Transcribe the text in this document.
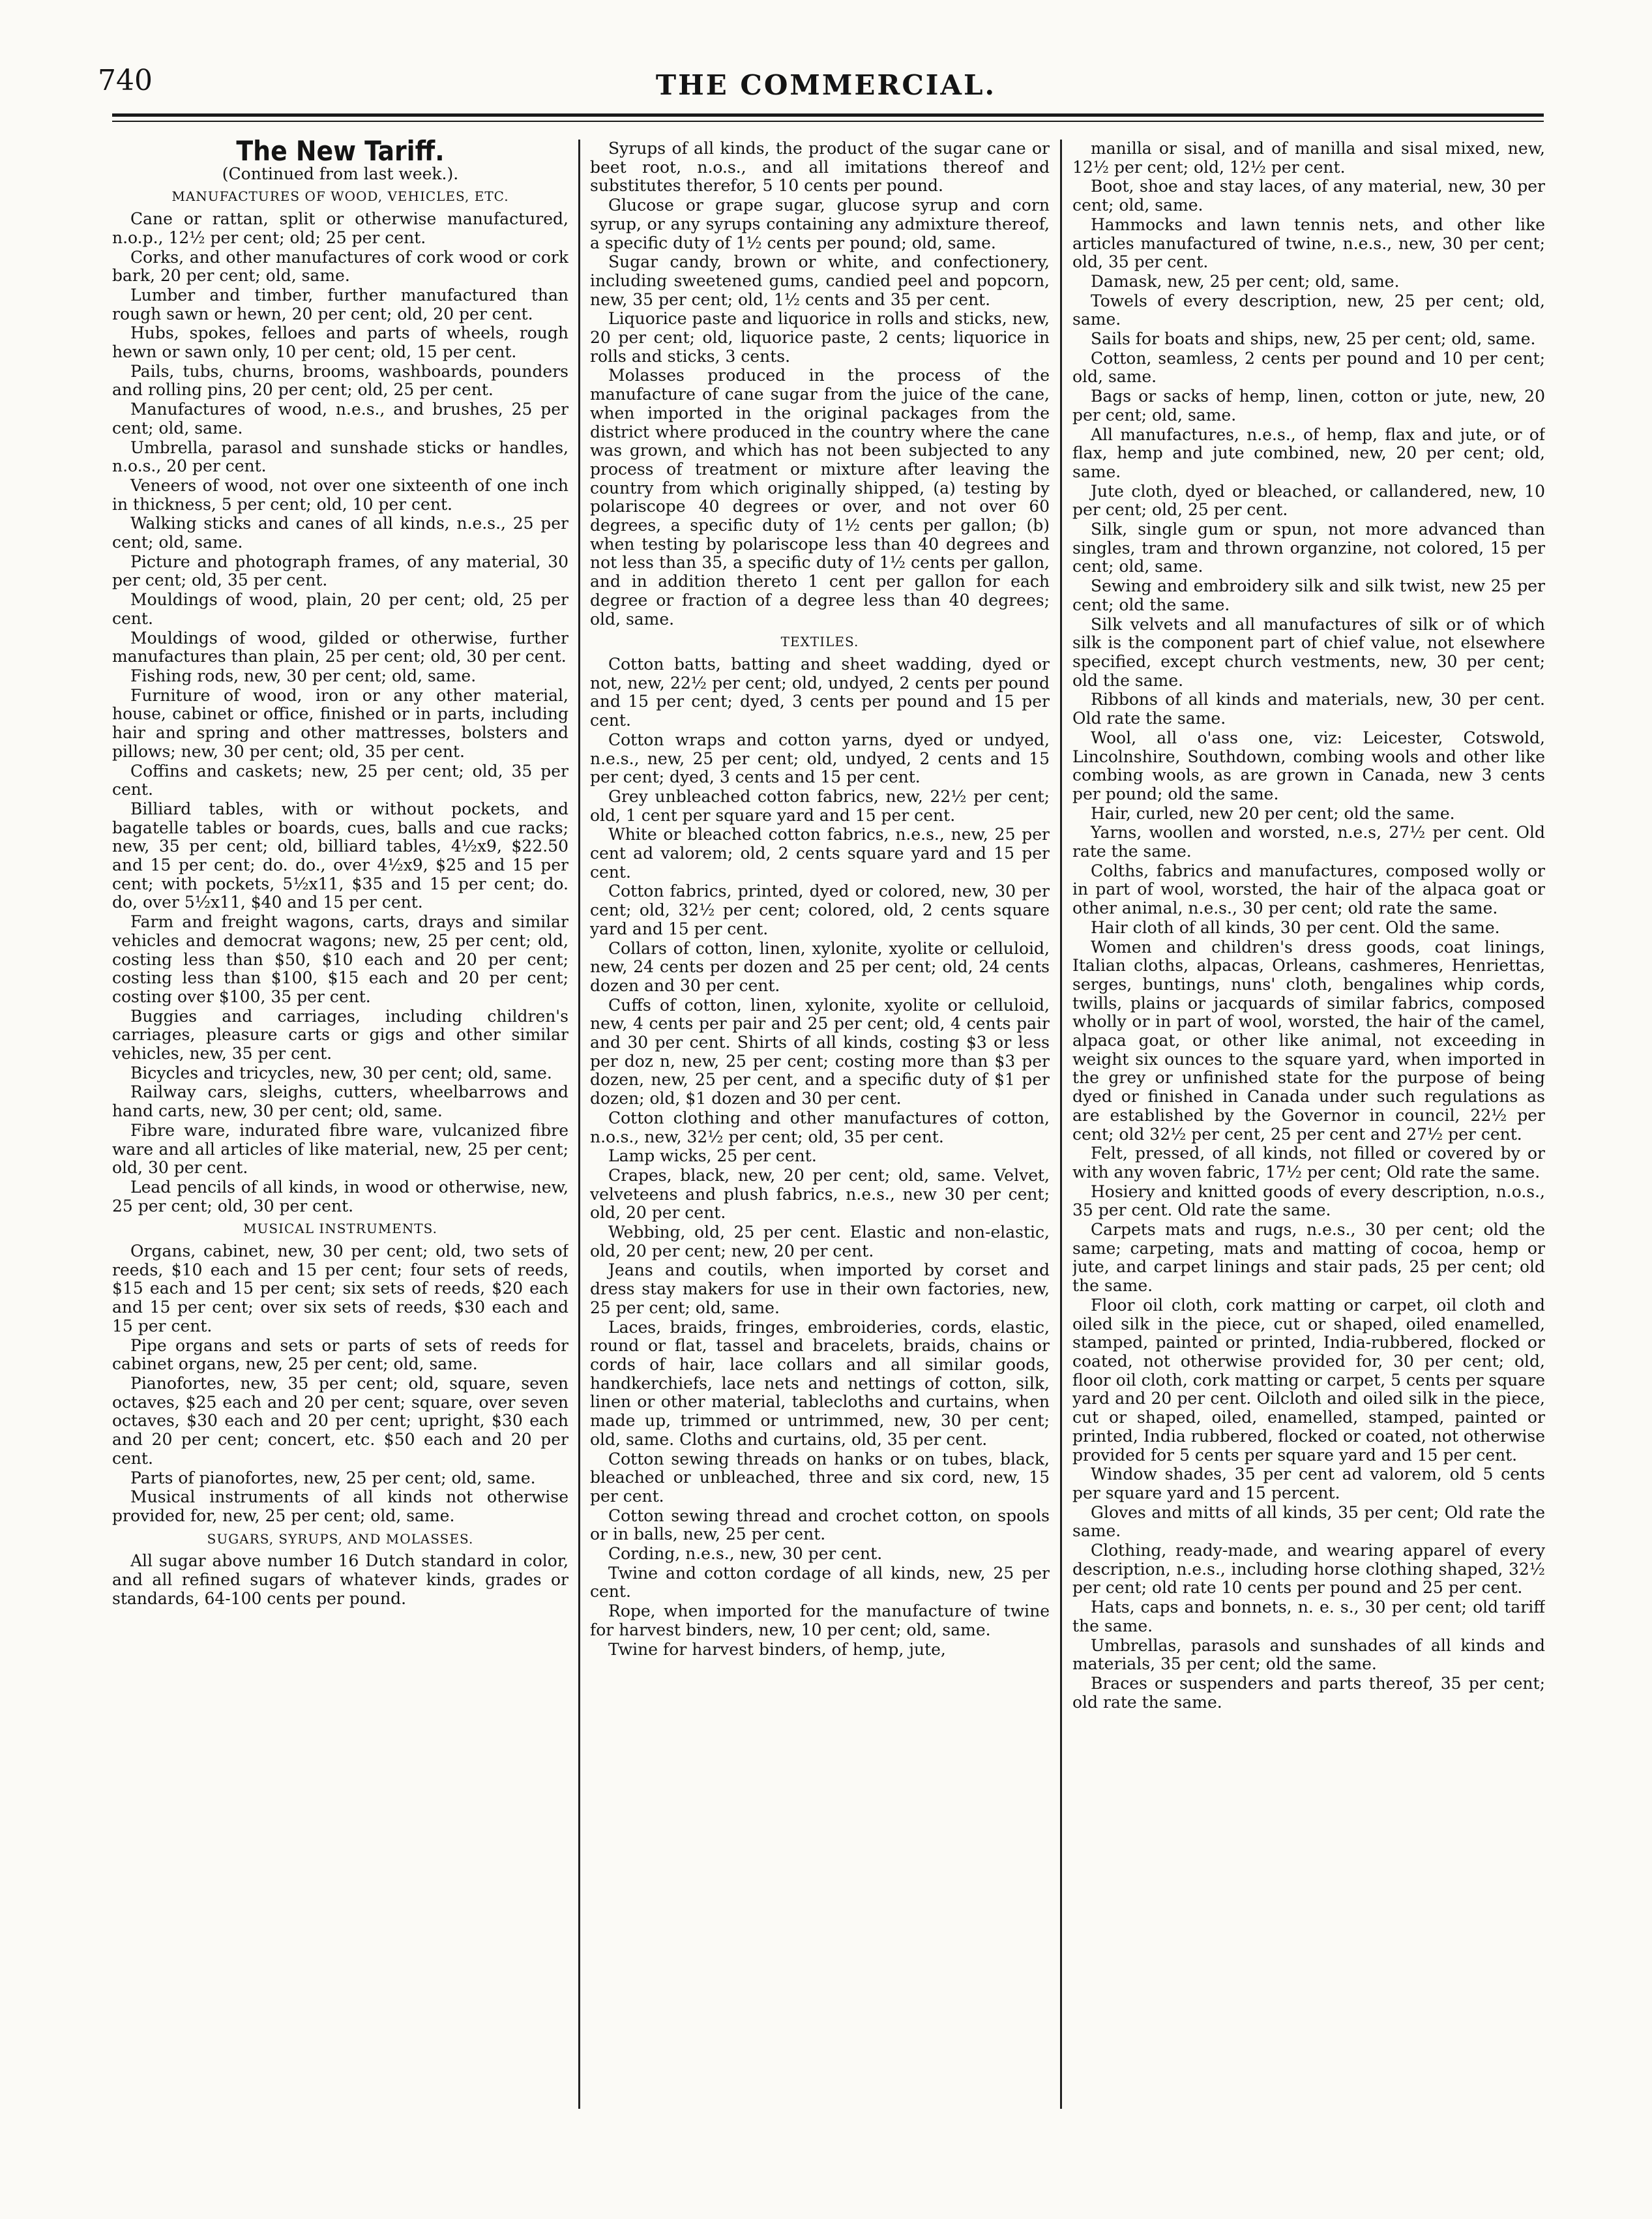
740	THE COMMERCIAL.
The New Tariff.
(Continued from last week.).
MANUFACTURES OF WOOD, VEHICLES, ETC.
Cane or rattan, split or otherwise manufactured, n.o.p., 12½ per cent; old; 25 per cent.
Corks, and other manufactures of cork wood or cork bark, 20 per cent; old, same.
Lumber and timber, further manufactured than rough sawn or hewn, 20 per cent; old, 20 per cent.
Hubs, spokes, felloes and parts of wheels, rough hewn or sawn only, 10 per cent; old, 15 per cent.
Pails, tubs, churns, brooms, washboards, pounders and rolling pins, 20 per cent; old, 25 per cent.
Manufactures of wood, n.e.s., and brushes, 25 per cent; old, same.
Umbrella, parasol and sunshade sticks or handles, n.o.s., 20 per cent.
Veneers of wood, not over one sixteenth of one inch in thickness, 5 per cent; old, 10 per cent.
Walking sticks and canes of all kinds, n.e.s., 25 per cent; old, same.
Picture and photograph frames, of any material, 30 per cent; old, 35 per cent.
Mouldings of wood, plain, 20 per cent; old, 25 per cent.
Mouldings of wood, gilded or otherwise, further manufactures than plain, 25 per cent; old, 30 per cent.
Fishing rods, new, 30 per cent; old, same.
Furniture of wood, iron or any other material, house, cabinet or office, finished or in parts, including hair and spring and other mattresses, bolsters and pillows; new, 30 per cent; old, 35 per cent.
Coffins and caskets; new, 25 per cent; old, 35 per cent.
Billiard tables, with or without pockets, and bagatelle tables or boards, cues, balls and cue racks; new, 35 per cent; old, billiard tables, 4½x9, $22.50 and 15 per cent; do. do., over 4½x9, $25 and 15 per cent; with pockets, 5½x11, $35 and 15 per cent; do. do, over 5½x11, $40 and 15 per cent.
Farm and freight wagons, carts, drays and similar vehicles and democrat wagons; new, 25 per cent; old, costing less than $50, $10 each and 20 per cent; costing less than $100, $15 each and 20 per cent; costing over $100, 35 per cent.
Buggies and carriages, including children's carriages, pleasure carts or gigs and other similar vehicles, new, 35 per cent.
Bicycles and tricycles, new, 30 per cent; old, same.
Railway cars, sleighs, cutters, wheelbarrows and hand carts, new, 30 per cent; old, same.
Fibre ware, indurated fibre ware, vulcanized fibre ware and all articles of like material, new, 25 per cent; old, 30 per cent.
Lead pencils of all kinds, in wood or otherwise, new, 25 per cent; old, 30 per cent.
MUSICAL INSTRUMENTS.
Organs, cabinet, new, 30 per cent; old, two sets of reeds, $10 each and 15 per cent; four sets of reeds, $15 each and 15 per cent; six sets of reeds, $20 each and 15 per cent; over six sets of reeds, $30 each and 15 per cent.
Pipe organs and sets or parts of sets of reeds for cabinet organs, new, 25 per cent; old, same.
Pianofortes, new, 35 per cent; old, square, seven octaves, $25 each and 20 per cent; square, over seven octaves, $30 each and 20 per cent; upright, $30 each and 20 per cent; concert, etc. $50 each and 20 per cent.
Parts of pianofortes, new, 25 per cent; old, same.
Musical instruments of all kinds not otherwise provided for, new, 25 per cent; old, same.
SUGARS, SYRUPS, AND MOLASSES.
All sugar above number 16 Dutch standard in color, and all refined sugars of whatever kinds, grades or standards, 64-100 cents per pound.
Syrups of all kinds, the product of the sugar cane or beet root, n.o.s., and all imitations thereof and substitutes therefor, 5 10 cents per pound.
Glucose or grape sugar, glucose syrup and corn syrup, or any syrups containing any admixture thereof, a specific duty of 1½ cents per pound; old, same.
Sugar candy, brown or white, and confectionery, including sweetened gums, candied peel and popcorn, new, 35 per cent; old, 1½ cents and 35 per cent.
Liquorice paste and liquorice in rolls and sticks, new, 20 per cent; old, liquorice paste, 2 cents; liquorice in rolls and sticks, 3 cents.
Molasses produced in the process of the manufacture of cane sugar from the juice of the cane, when imported in the original packages from the district where produced in the country where the cane was grown, and which has not been subjected to any process of treatment or mixture after leaving the country from which originally shipped, (a) testing by polariscope 40 degrees or over, and not over 60 degrees, a specific duty of 1½ cents per gallon; (b) when testing by polariscope less than 40 degrees and not less than 35, a specific duty of 1½ cents per gallon, and in addition thereto 1 cent per gallon for each degree or fraction of a degree less than 40 degrees; old, same.
TEXTILES.
Cotton batts, batting and sheet wadding, dyed or not, new, 22½ per cent; old, undyed, 2 cents per pound and 15 per cent; dyed, 3 cents per pound and 15 per cent.
Cotton wraps and cotton yarns, dyed or undyed, n.e.s., new, 25 per cent; old, undyed, 2 cents and 15 per cent; dyed, 3 cents and 15 per cent.
Grey unbleached cotton fabrics, new, 22½ per cent; old, 1 cent per square yard and 15 per cent.
White or bleached cotton fabrics, n.e.s., new, 25 per cent ad valorem; old, 2 cents square yard and 15 per cent.
Cotton fabrics, printed, dyed or colored, new, 30 per cent; old, 32½ per cent; colored, old, 2 cents square yard and 15 per cent.
Collars of cotton, linen, xylonite, xyolite or celluloid, new, 24 cents per dozen and 25 per cent; old, 24 cents dozen and 30 per cent.
Cuffs of cotton, linen, xylonite, xyolite or celluloid, new, 4 cents per pair and 25 per cent; old, 4 cents pair and 30 per cent. Shirts of all kinds, costing $3 or less per doz n, new, 25 per cent; costing more than $3 per dozen, new, 25 per cent, and a specific duty of $1 per dozen; old, $1 dozen and 30 per cent.
Cotton clothing and other manufactures of cotton, n.o.s., new, 32½ per cent; old, 35 per cent.
Lamp wicks, 25 per cent.
Crapes, black, new, 20 per cent; old, same. Velvet, velveteens and plush fabrics, n.e.s., new 30 per cent; old, 20 per cent.
Webbing, old, 25 per cent. Elastic and non-elastic, old, 20 per cent; new, 20 per cent.
Jeans and coutils, when imported by corset and dress stay makers for use in their own factories, new, 25 per cent; old, same.
Laces, braids, fringes, embroideries, cords, elastic, round or flat, tassel and bracelets, braids, chains or cords of hair, lace collars and all similar goods, handkerchiefs, lace nets and nettings of cotton, silk, linen or other material, tablecloths and curtains, when made up, trimmed or untrimmed, new, 30 per cent; old, same. Cloths and curtains, old, 35 per cent.
Cotton sewing threads on hanks or on tubes, black, bleached or unbleached, three and six cord, new, 15 per cent.
Cotton sewing thread and crochet cotton, on spools or in balls, new, 25 per cent.
Cording, n.e.s., new, 30 per cent.
Twine and cotton cordage of all kinds, new, 25 per cent.
Rope, when imported for the manufacture of twine for harvest binders, new, 10 per cent; old, same.
Twine for harvest binders, of hemp, jute,
manilla or sisal, and of manilla and sisal mixed, new, 12½ per cent; old, 12½ per cent.
Boot, shoe and stay laces, of any material, new, 30 per cent; old, same.
Hammocks and lawn tennis nets, and other like articles manufactured of twine, n.e.s., new, 30 per cent; old, 35 per cent.
Damask, new, 25 per cent; old, same.
Towels of every description, new, 25 per cent; old, same.
Sails for boats and ships, new, 25 per cent; old, same.
Cotton, seamless, 2 cents per pound and 10 per cent; old, same.
Bags or sacks of hemp, linen, cotton or jute, new, 20 per cent; old, same.
All manufactures, n.e.s., of hemp, flax and jute, or of flax, hemp and jute combined, new, 20 per cent; old, same.
Jute cloth, dyed or bleached, or callandered, new, 10 per cent; old, 25 per cent.
Silk, single gum or spun, not more advanced than singles, tram and thrown organzine, not colored, 15 per cent; old, same.
Sewing and embroidery silk and silk twist, new 25 per cent; old the same.
Silk velvets and all manufactures of silk or of which silk is the component part of chief value, not elsewhere specified, except church vestments, new, 30 per cent; old the same.
Ribbons of all kinds and materials, new, 30 per cent. Old rate the same.
Wool, all o'ass one, viz: Leicester, Cotswold, Lincolnshire, Southdown, combing wools and other like combing wools, as are grown in Canada, new 3 cents per pound; old the same.
Hair, curled, new 20 per cent; old the same.
Yarns, woollen and worsted, n.e.s, 27½ per cent. Old rate the same.
Colths, fabrics and manufactures, composed wolly or in part of wool, worsted, the hair of the alpaca goat or other animal, n.e.s., 30 per cent; old rate the same.
Hair cloth of all kinds, 30 per cent. Old the same.
Women and children's dress goods, coat linings, Italian cloths, alpacas, Orleans, cashmeres, Henriettas, serges, buntings, nuns' cloth, bengalines whip cords, twills, plains or jacquards of similar fabrics, composed wholly or in part of wool, worsted, the hair of the camel, alpaca goat, or other like animal, not exceeding in weight six ounces to the square yard, when imported in the grey or unfinished state for the purpose of being dyed or finished in Canada under such regulations as are established by the Governor in council, 22½ per cent; old 32½ per cent, 25 per cent and 27½ per cent.
Felt, pressed, of all kinds, not filled or covered by or with any woven fabric, 17½ per cent; Old rate the same.
Hosiery and knitted goods of every description, n.o.s., 35 per cent. Old rate the same.
Carpets mats and rugs, n.e.s., 30 per cent; old the same; carpeting, mats and matting of cocoa, hemp or jute, and carpet linings and stair pads, 25 per cent; old the same.
Floor oil cloth, cork matting or carpet, oil cloth and oiled silk in the piece, cut or shaped, oiled enamelled, stamped, painted or printed, India-rubbered, flocked or coated, not otherwise provided for, 30 per cent; old, floor oil cloth, cork matting or carpet, 5 cents per square yard and 20 per cent. Oilcloth and oiled silk in the piece, cut or shaped, oiled, enamelled, stamped, painted or printed, India rubbered, flocked or coated, not otherwise provided for 5 cents per square yard and 15 per cent.
Window shades, 35 per cent ad valorem, old 5 cents per square yard and 15 percent.
Gloves and mitts of all kinds, 35 per cent; Old rate the same.
Clothing, ready-made, and wearing apparel of every description, n.e.s., including horse clothing shaped, 32½ per cent; old rate 10 cents per pound and 25 per cent.
Hats, caps and bonnets, n. e. s., 30 per cent; old tariff the same.
Umbrellas, parasols and sunshades of all kinds and materials, 35 per cent; old the same.
Braces or suspenders and parts thereof, 35 per cent; old rate the same.
